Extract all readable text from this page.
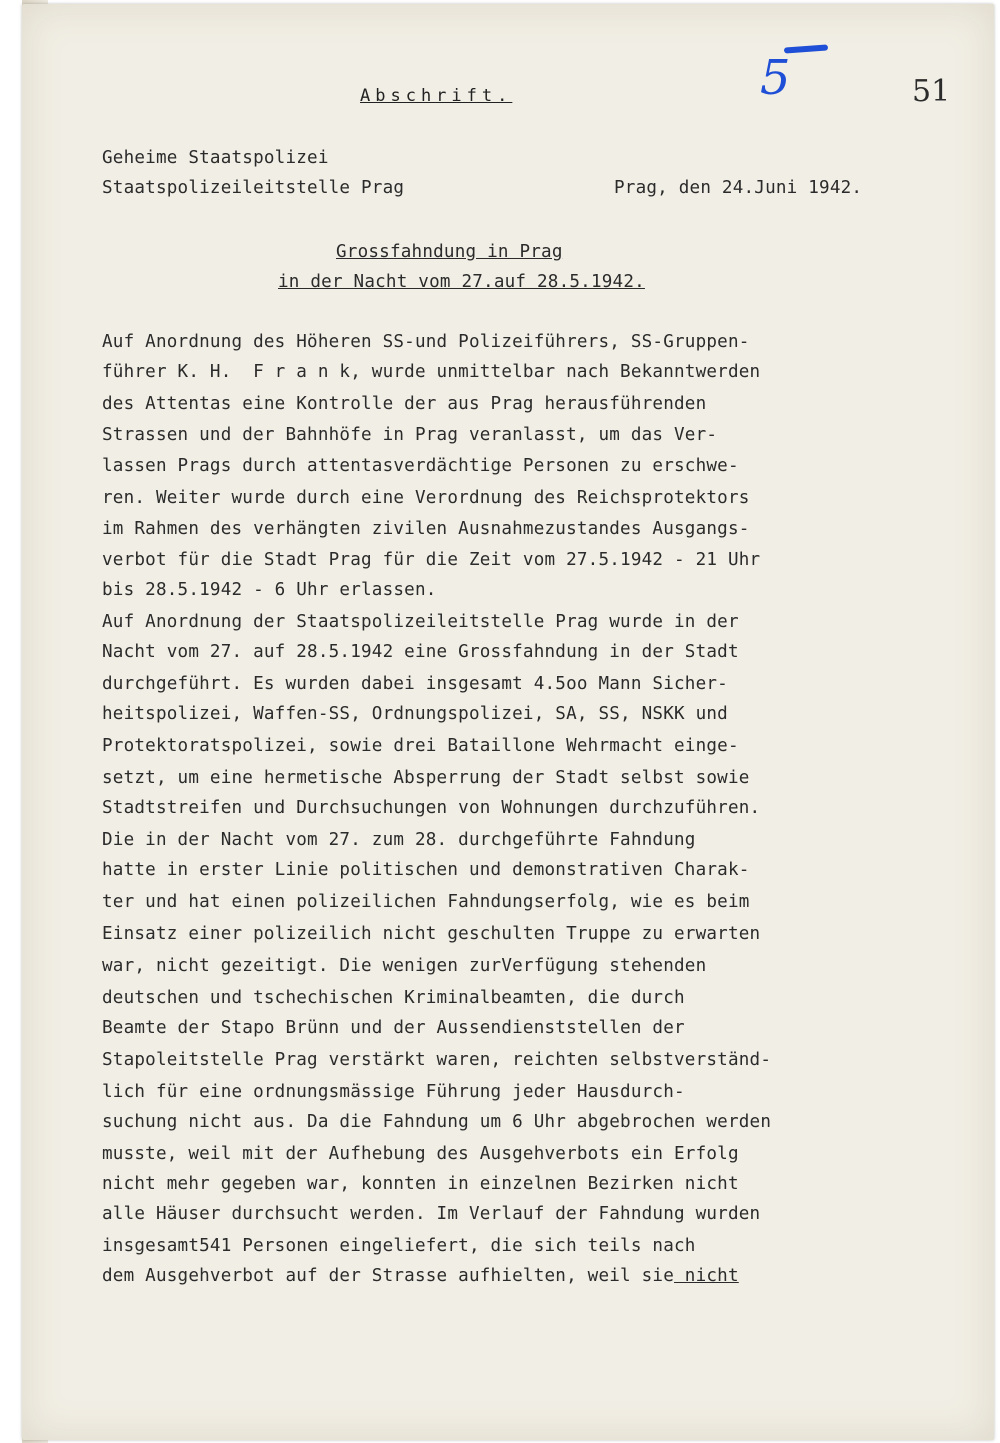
Abschrift.	5	51
Geheime Staatspolizei
Staatspolizeileitstelle Prag	Prag, den 24.Juni 1942.
Grossfahndung in Prag
in der Nacht vom 27.auf 28.5.1942.
Auf Anordnung des Höheren SS-und Polizeiführers, SS-Gruppen-
führer K. H.  F r a n k, wurde unmittelbar nach Bekanntwerden
des Attentas eine Kontrolle der aus Prag herausführenden
Strassen und der Bahnhöfe in Prag veranlasst, um das Ver-
lassen Prags durch attentasverdächtige Personen zu erschwe-
ren. Weiter wurde durch eine Verordnung des Reichsprotektors
im Rahmen des verhängten zivilen Ausnahmezustandes Ausgangs-
verbot für die Stadt Prag für die Zeit vom 27.5.1942 - 21 Uhr
bis 28.5.1942 - 6 Uhr erlassen.
Auf Anordnung der Staatspolizeileitstelle Prag wurde in der
Nacht vom 27. auf 28.5.1942 eine Grossfahndung in der Stadt
durchgeführt. Es wurden dabei insgesamt 4.5oo Mann Sicher-
heitspolizei, Waffen-SS, Ordnungspolizei, SA, SS, NSKK und
Protektoratspolizei, sowie drei Bataillone Wehrmacht einge-
setzt, um eine hermetische Absperrung der Stadt selbst sowie
Stadtstreifen und Durchsuchungen von Wohnungen durchzuführen.
Die in der Nacht vom 27. zum 28. durchgeführte Fahndung
hatte in erster Linie politischen und demonstrativen Charak-
ter und hat einen polizeilichen Fahndungserfolg, wie es beim
Einsatz einer polizeilich nicht geschulten Truppe zu erwarten
war, nicht gezeitigt. Die wenigen zurVerfügung stehenden
deutschen und tschechischen Kriminalbeamten, die durch
Beamte der Stapo Brünn und der Aussendienststellen der
Stapoleitstelle Prag verstärkt waren, reichten selbstverständ-
lich für eine ordnungsmässige Führung jeder Hausdurch-
suchung nicht aus. Da die Fahndung um 6 Uhr abgebrochen werden
musste, weil mit der Aufhebung des Ausgehverbots ein Erfolg
nicht mehr gegeben war, konnten in einzelnen Bezirken nicht
alle Häuser durchsucht werden. Im Verlauf der Fahndung wurden
insgesamt541 Personen eingeliefert, die sich teils nach
dem Ausgehverbot auf der Strasse aufhielten, weil sie nicht
